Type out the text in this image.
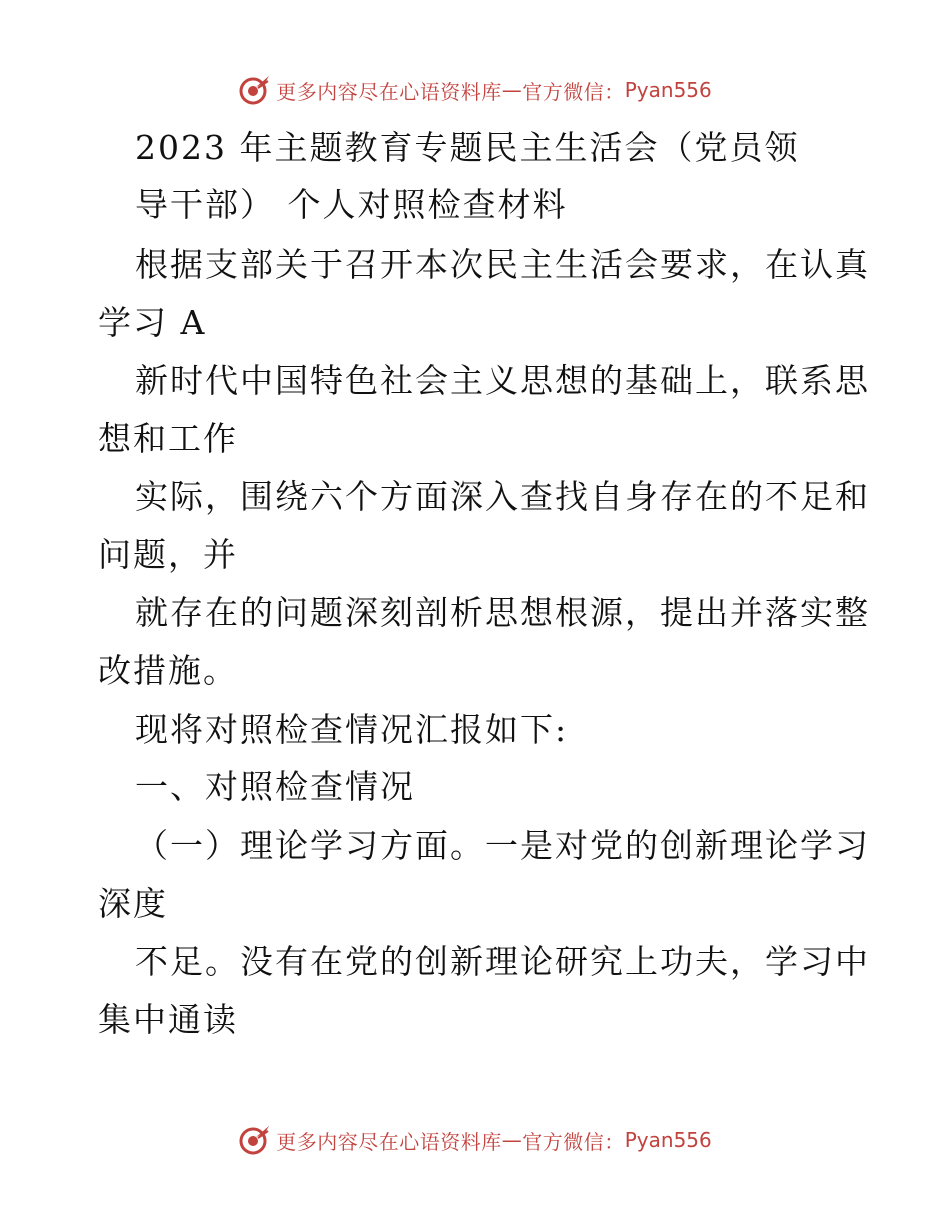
更多内容尽在心语资料库 — 官方微信： Pyan556
2023 年主题教育专题民主生活会（党员领
导干部） 个人对照检查材料
根据支部关于召开本次民主生活会要求，在认真
学习 A
新时代中国特色社会主义思想的基础上，联系思
想和工作
实际，围绕六个方面深入查找自身存在的不足和
问题，并
就存在的问题深刻剖析思想根源，提出并落实整
改措施。
现将对照检查情况汇报如下:
一、对照检查情况
（一）理论学习方面。一是对党的创新理论学习
深度
不足。没有在党的创新理论研究上功夫，学习中
集中通读
更多内容尽在心语资料库 — 官方微信： Pyan556
